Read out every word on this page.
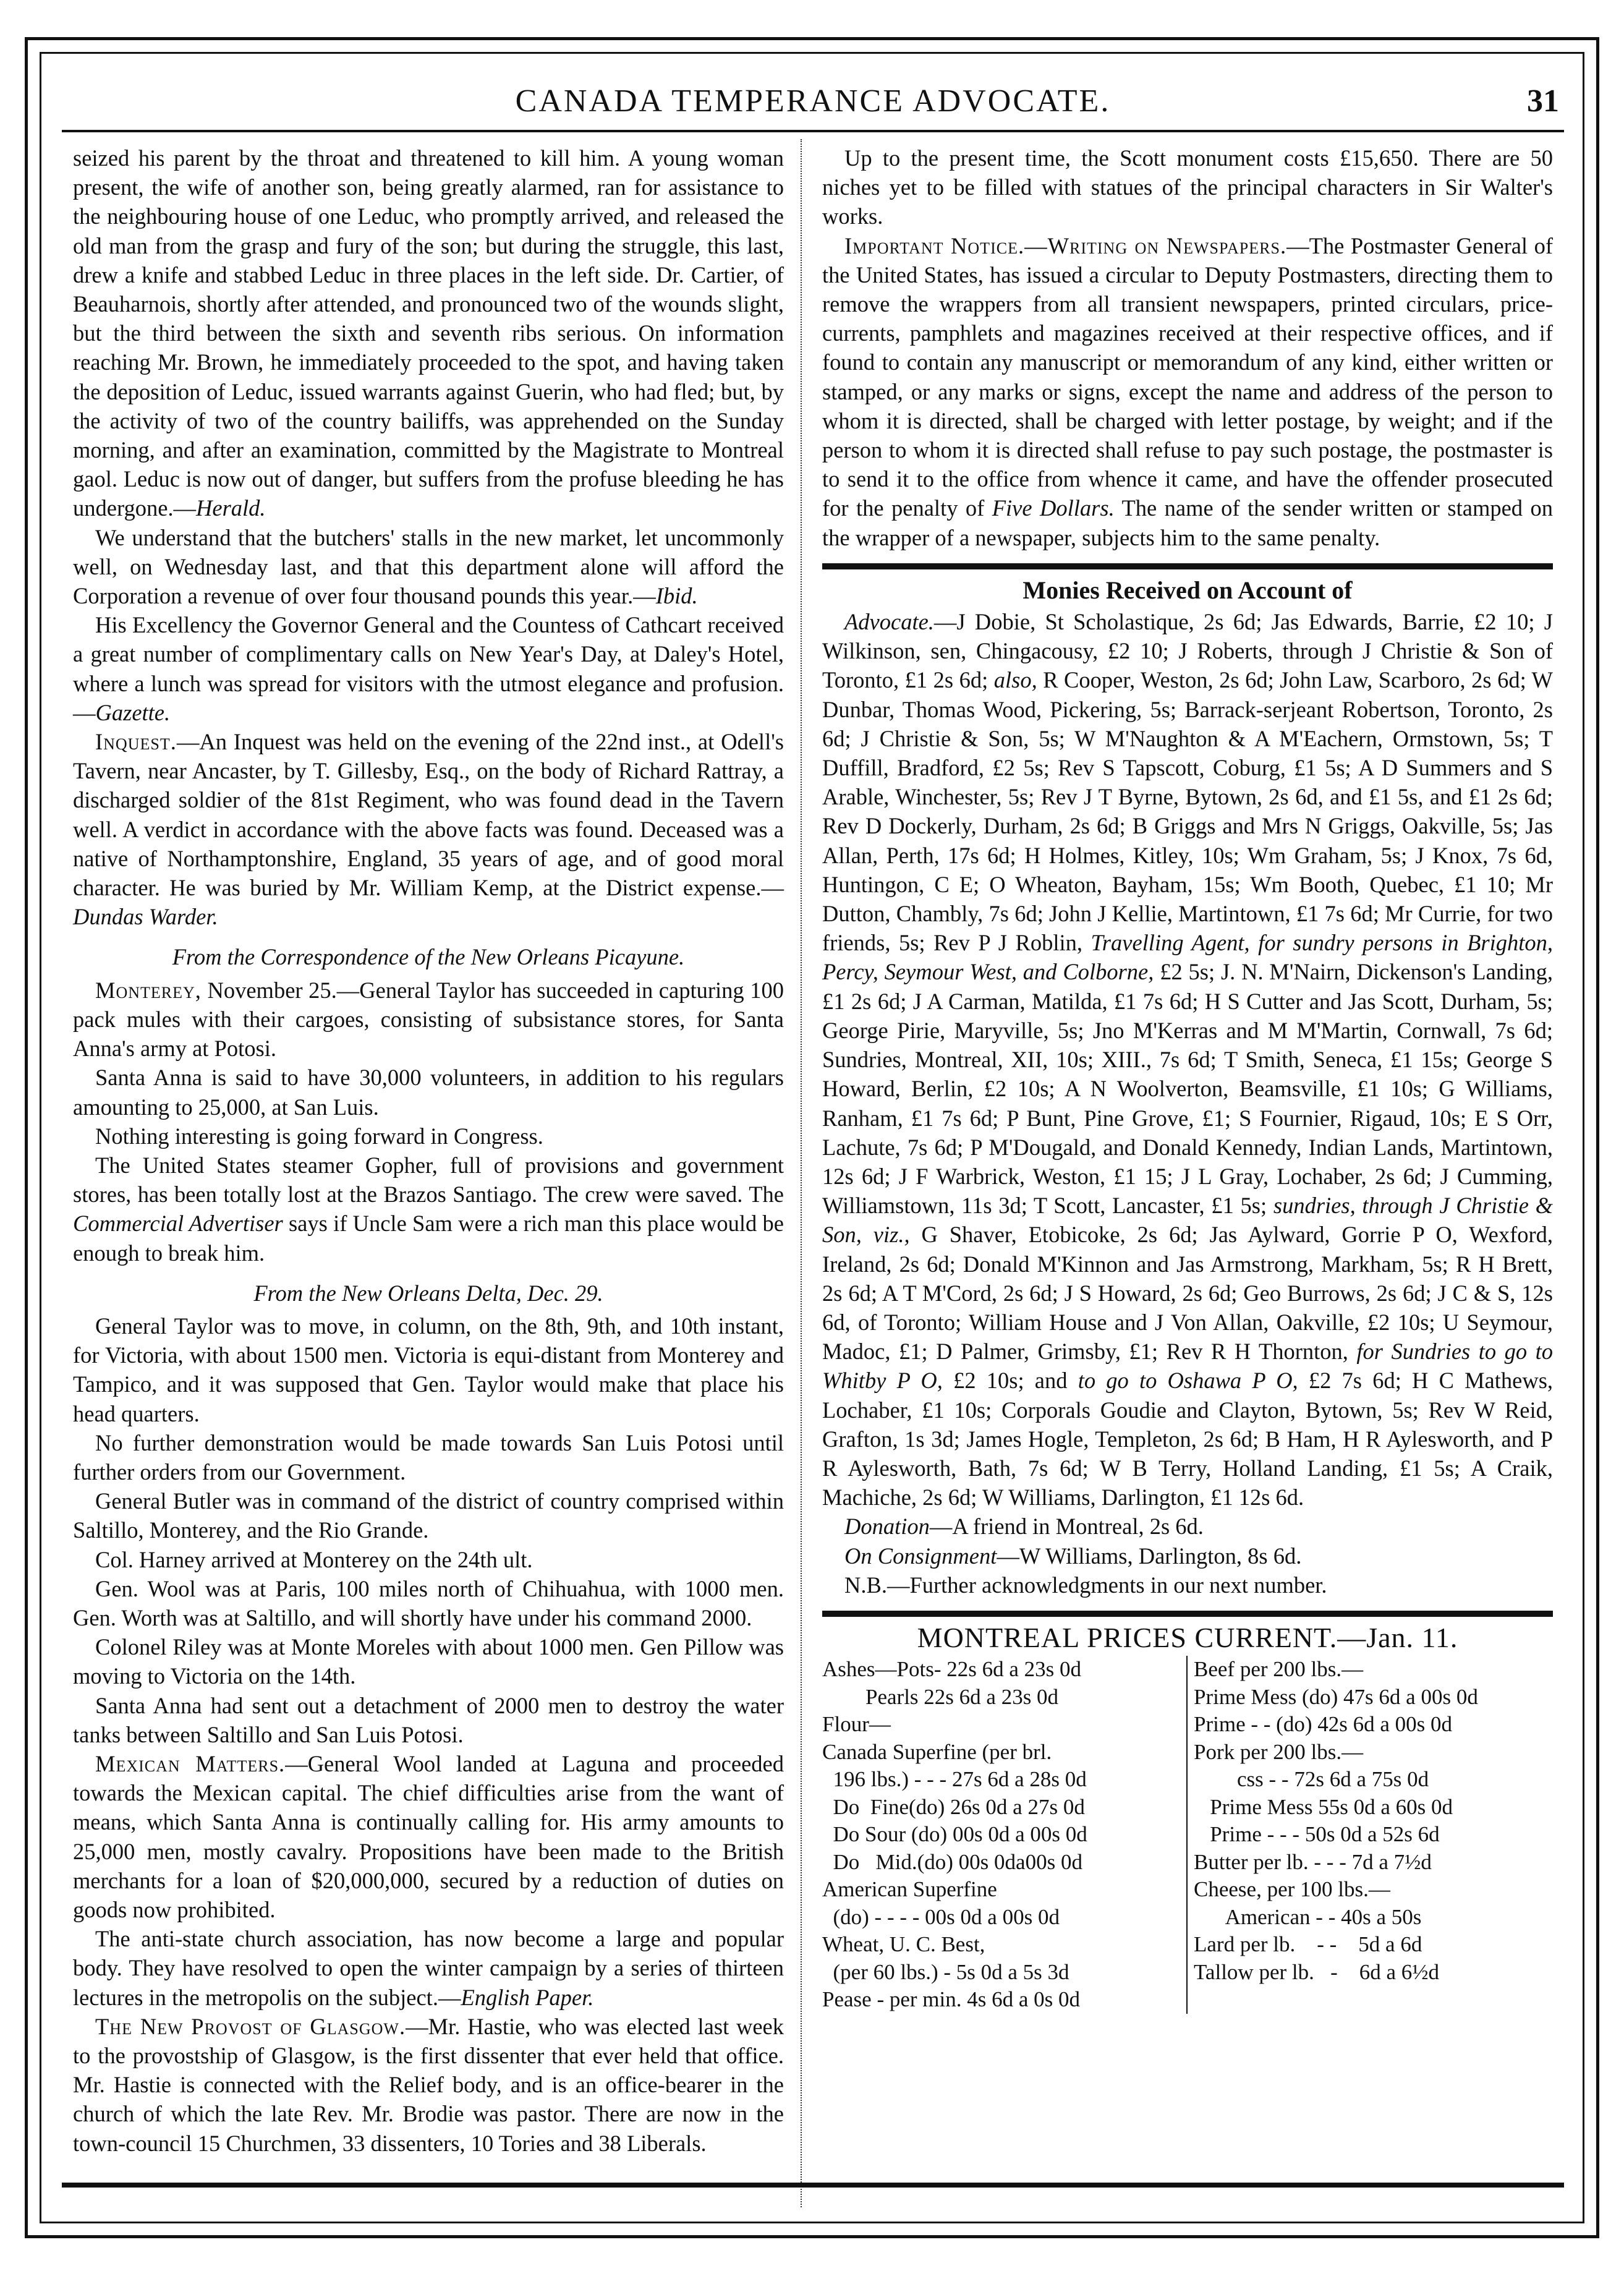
CANADA TEMPERANCE ADVOCATE.	31

seized his parent by the throat and threatened to kill him. A young woman present, the wife of another son, being greatly alarmed, ran for assistance to the neighbouring house of one Leduc, who promptly arrived, and released the old man from the grasp and fury of the son; but during the struggle, this last, drew a knife and stabbed Leduc in three places in the left side. Dr. Cartier, of Beauharnois, shortly after attended, and pronounced two of the wounds slight, but the third between the sixth and seventh ribs serious. On information reaching Mr. Brown, he immediately proceeded to the spot, and having taken the deposition of Leduc, issued warrants against Guerin, who had fled; but, by the activity of two of the country bailiffs, was apprehended on the Sunday morning, and after an examination, committed by the Magistrate to Montreal gaol. Leduc is now out of danger, but suffers from the profuse bleeding he has undergone.—Herald.

We understand that the butchers' stalls in the new market, let uncommonly well, on Wednesday last, and that this department alone will afford the Corporation a revenue of over four thousand pounds this year.—Ibid.

His Excellency the Governor General and the Countess of Cathcart received a great number of complimentary calls on New Year's Day, at Daley's Hotel, where a lunch was spread for visitors with the utmost elegance and profusion.—Gazette.

Inquest.—An Inquest was held on the evening of the 22nd inst., at Odell's Tavern, near Ancaster, by T. Gillesby, Esq., on the body of Richard Rattray, a discharged soldier of the 81st Regiment, who was found dead in the Tavern well. A verdict in accordance with the above facts was found. Deceased was a native of Northamptonshire, England, 35 years of age, and of good moral character. He was buried by Mr. William Kemp, at the District expense.—Dundas Warder.

From the Correspondence of the New Orleans Picayune.

Monterey, November 25.—General Taylor has succeeded in capturing 100 pack mules with their cargoes, consisting of subsistance stores, for Santa Anna's army at Potosi.

Santa Anna is said to have 30,000 volunteers, in addition to his regulars amounting to 25,000, at San Luis.

Nothing interesting is going forward in Congress.

The United States steamer Gopher, full of provisions and government stores, has been totally lost at the Brazos Santiago. The crew were saved. The Commercial Advertiser says if Uncle Sam were a rich man this place would be enough to break him.

From the New Orleans Delta, Dec. 29.

General Taylor was to move, in column, on the 8th, 9th, and 10th instant, for Victoria, with about 1500 men. Victoria is equi-distant from Monterey and Tampico, and it was supposed that Gen. Taylor would make that place his head quarters.

No further demonstration would be made towards San Luis Potosi until further orders from our Government.

General Butler was in command of the district of country comprised within Saltillo, Monterey, and the Rio Grande.

Col. Harney arrived at Monterey on the 24th ult.

Gen. Wool was at Paris, 100 miles north of Chihuahua, with 1000 men. Gen. Worth was at Saltillo, and will shortly have under his command 2000.

Colonel Riley was at Monte Moreles with about 1000 men. Gen Pillow was moving to Victoria on the 14th.

Santa Anna had sent out a detachment of 2000 men to destroy the water tanks between Saltillo and San Luis Potosi.

Mexican Matters.—General Wool landed at Laguna and proceeded towards the Mexican capital. The chief difficulties arise from the want of means, which Santa Anna is continually calling for. His army amounts to 25,000 men, mostly cavalry. Propositions have been made to the British merchants for a loan of $20,000,000, secured by a reduction of duties on goods now prohibited.

The anti-state church association, has now become a large and popular body. They have resolved to open the winter campaign by a series of thirteen lectures in the metropolis on the subject.—English Paper.

The New Provost of Glasgow.—Mr. Hastie, who was elected last week to the provostship of Glasgow, is the first dissenter that ever held that office. Mr. Hastie is connected with the Relief body, and is an office-bearer in the church of which the late Rev. Mr. Brodie was pastor. There are now in the town-council 15 Churchmen, 33 dissenters, 10 Tories and 38 Liberals.

Up to the present time, the Scott monument costs £15,650. There are 50 niches yet to be filled with statues of the principal characters in Sir Walter's works.

Important Notice.—Writing on Newspapers.—The Postmaster General of the United States, has issued a circular to Deputy Postmasters, directing them to remove the wrappers from all transient newspapers, printed circulars, price-currents, pamphlets and magazines received at their respective offices, and if found to contain any manuscript or memorandum of any kind, either written or stamped, or any marks or signs, except the name and address of the person to whom it is directed, shall be charged with letter postage, by weight; and if the person to whom it is directed shall refuse to pay such postage, the postmaster is to send it to the office from whence it came, and have the offender prosecuted for the penalty of Five Dollars. The name of the sender written or stamped on the wrapper of a newspaper, subjects him to the same penalty.

Monies Received on Account of

Advocate.—J Dobie, St Scholastique, 2s 6d; Jas Edwards, Barrie, £2 10; J Wilkinson, sen, Chingacousy, £2 10; J Roberts, through J Christie & Son of Toronto, £1 2s 6d; also, R Cooper, Weston, 2s 6d; John Law, Scarboro, 2s 6d; W Dunbar, Thomas Wood, Pickering, 5s; Barrack-serjeant Robertson, Toronto, 2s 6d; J Christie & Son, 5s; W M'Naughton & A M'Eachern, Ormstown, 5s; T Duffill, Bradford, £2 5s; Rev S Tapscott, Coburg, £1 5s; A D Summers and S Arable, Winchester, 5s; Rev J T Byrne, Bytown, 2s 6d, and £1 5s, and £1 2s 6d; Rev D Dockerly, Durham, 2s 6d; B Griggs and Mrs N Griggs, Oakville, 5s; Jas Allan, Perth, 17s 6d; H Holmes, Kitley, 10s; Wm Graham, 5s; J Knox, 7s 6d, Huntingon, C E; O Wheaton, Bayham, 15s; Wm Booth, Quebec, £1 10; Mr Dutton, Chambly, 7s 6d; John J Kellie, Martintown, £1 7s 6d; Mr Currie, for two friends, 5s; Rev P J Roblin, Travelling Agent, for sundry persons in Brighton, Percy, Seymour West, and Colborne, £2 5s; J. N. M'Nairn, Dickenson's Landing, £1 2s 6d; J A Carman, Matilda, £1 7s 6d; H S Cutter and Jas Scott, Durham, 5s; George Pirie, Maryville, 5s; Jno M'Kerras and M M'Martin, Cornwall, 7s 6d; Sundries, Montreal, XII, 10s; XIII., 7s 6d; T Smith, Seneca, £1 15s; George S Howard, Berlin, £2 10s; A N Woolverton, Beamsville, £1 10s; G Williams, Ranham, £1 7s 6d; P Bunt, Pine Grove, £1; S Fournier, Rigaud, 10s; E S Orr, Lachute, 7s 6d; P M'Dougald, and Donald Kennedy, Indian Lands, Martintown, 12s 6d; J F Warbrick, Weston, £1 15; J L Gray, Lochaber, 2s 6d; J Cumming, Williamstown, 11s 3d; T Scott, Lancaster, £1 5s; sundries, through J Christie & Son, viz., G Shaver, Etobicoke, 2s 6d; Jas Aylward, Gorrie P O, Wexford, Ireland, 2s 6d; Donald M'Kinnon and Jas Armstrong, Markham, 5s; R H Brett, 2s 6d; A T M'Cord, 2s 6d; J S Howard, 2s 6d; Geo Burrows, 2s 6d; J C & S, 12s 6d, of Toronto; William House and J Von Allan, Oakville, £2 10s; U Seymour, Madoc, £1; D Palmer, Grimsby, £1; Rev R H Thornton, for Sundries to go to Whitby P O, £2 10s; and to go to Oshawa P O, £2 7s 6d; H C Mathews, Lochaber, £1 10s; Corporals Goudie and Clayton, Bytown, 5s; Rev W Reid, Grafton, 1s 3d; James Hogle, Templeton, 2s 6d; B Ham, H R Aylesworth, and P R Aylesworth, Bath, 7s 6d; W B Terry, Holland Landing, £1 5s; A Craik, Machiche, 2s 6d; W Williams, Darlington, £1 12s 6d.

Donation—A friend in Montreal, 2s 6d.

On Consignment—W Williams, Darlington, 8s 6d.

N.B.—Further acknowledgments in our next number.

MONTREAL PRICES CURRENT.—Jan. 11.

Ashes—Pots- 22s 6d a 23s 0d
Pearls 22s 6d a 23s 0d
Flour—
Canada Superfine (per brl.
196 lbs.) - - - 27s 6d a 28s 0d
Do  Fine(do) 26s 0d a 27s 0d
Do Sour (do) 00s 0d a 00s 0d
Do   Mid.(do) 00s 0da00s 0d
American Superfine
(do) - - - - 00s 0d a 00s 0d
Wheat, U. C. Best,
(per 60 lbs.) - 5s 0d a 5s 3d
Pease - per min. 4s 6d a 0s 0d
Beef per 200 lbs.—
Prime Mess (do) 47s 6d a 00s 0d
Prime - - (do) 42s 6d a 00s 0d
Pork per 200 lbs.—
css - - 72s 6d a 75s 0d
Prime Mess 55s 0d a 60s 0d
Prime - - - 50s 0d a 52s 6d
Butter per lb. - - - 7d a 7½d
Cheese, per 100 lbs.—
American - - 40s a 50s
Lard per lb.    - -    5d a 6d
Tallow per lb.   -    6d a 6½d
